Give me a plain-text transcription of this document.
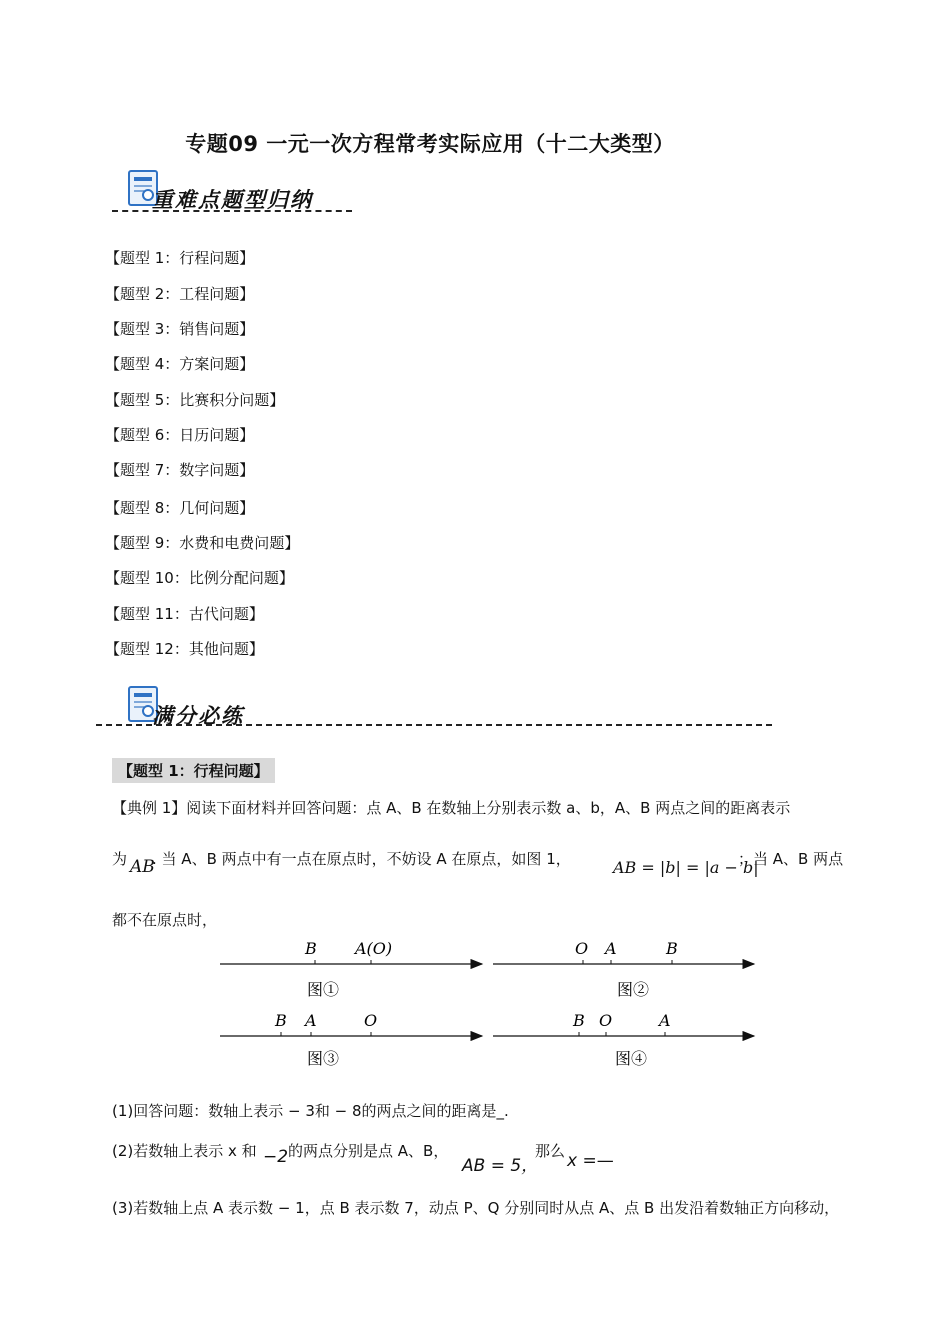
专题09 一元一次方程常考实际应用（十二大类型）
重难点题型归纳
【题型 1：行程问题】
【题型 2：工程问题】
【题型 3：销售问题】
【题型 4：方案问题】
【题型 5：比赛积分问题】
【题型 6：日历问题】
【题型 7：数字问题】
【题型 8：几何问题】
【题型 9：水费和电费问题】
【题型 10：比例分配问题】
【题型 11：古代问题】
【题型 12：其他问题】
满分必练
【题型 1：行程问题】
【典例 1】阅读下面材料并回答问题：点 A、B 在数轴上分别表示数 a、b，A、B 两点之间的距离表示
为 AB
. 当 A、B 两点中有一点在原点时，不妨设 A 在原点，如图 1，	AB = |b| = |a − b|
；当 A、B 两点
都不在原点时，
B A(O)
图①
O A	B
图②
B A	O
图③
B O	A
图④
(1)回答问题：数轴上表示 − 3和 − 8的两点之间的距离是_.
(2)若数轴上表示 x 和 −2 的两点分别是点 A、B，
AB = 5，
那么 x =—
(3)若数轴上点 A 表示数 − 1，点 B 表示数 7，动点 P、Q 分别同时从点 A、点 B 出发沿着数轴正方向移动，
